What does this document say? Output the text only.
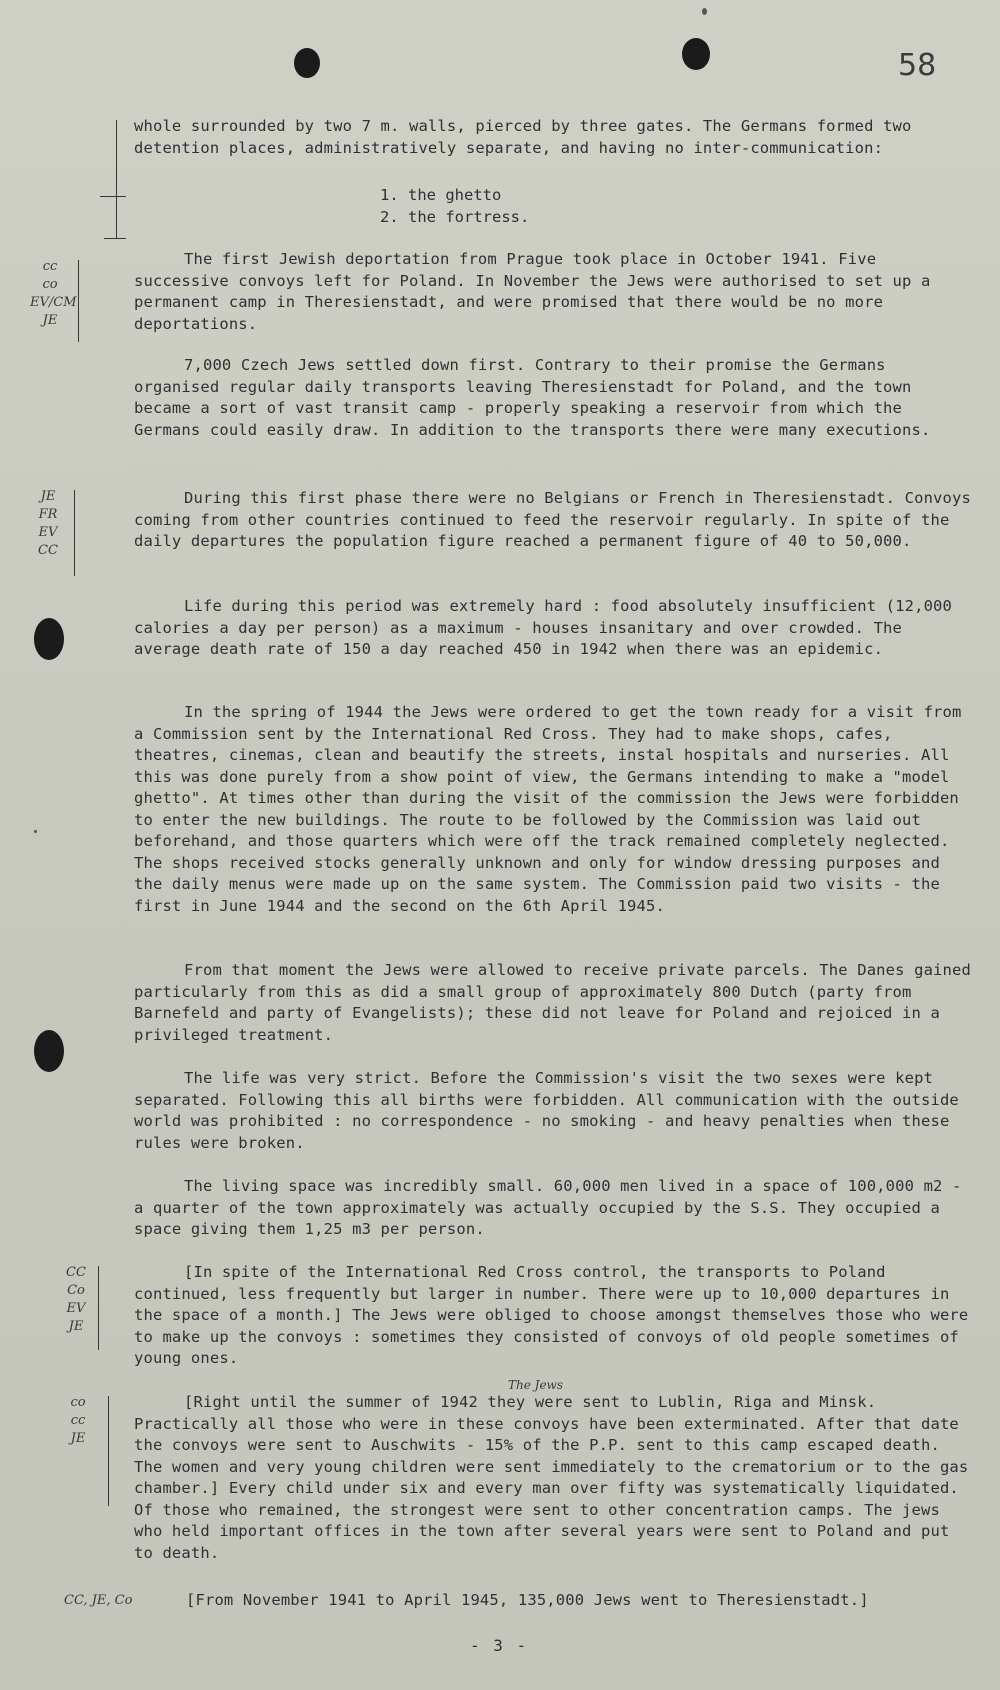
58

whole surrounded by two 7 m. walls, pierced by three gates. The Germans formed two detention places, administratively separate, and having no inter-communication:

1. the ghetto
2. the fortress.
cc
co
EV/CM
JE

The first Jewish deportation from Prague took place in October 1941. Five successive convoys left for Poland. In November the Jews were authorised to set up a permanent camp in Theresienstadt, and were promised that there would be no more deportations.

7,000 Czech Jews settled down first. Contrary to their promise the Germans organised regular daily transports leaving Theresienstadt for Poland, and the town became a sort of vast transit camp - properly speaking a reservoir from which the Germans could easily draw. In addition to the transports there were many executions.

JE
FR
EV
CC

During this first phase there were no Belgians or French in Theresienstadt. Convoys coming from other countries continued to feed the reservoir regularly. In spite of the daily departures the population figure reached a permanent figure of 40 to 50,000.

Life during this period was extremely hard : food absolutely insufficient (12,000 calories a day per person) as a maximum - houses insanitary and over crowded. The average death rate of 150 a day reached 450 in 1942 when there was an epidemic.

In the spring of 1944 the Jews were ordered to get the town ready for a visit from a Commission sent by the International Red Cross. They had to make shops, cafes, theatres, cinemas, clean and beautify the streets, instal hospitals and nurseries. All this was done purely from a show point of view, the Germans intending to make a "model ghetto". At times other than during the visit of the commission the Jews were forbidden to enter the new buildings. The route to be followed by the Commission was laid out beforehand, and those quarters which were off the track remained completely neglected. The shops received stocks generally unknown and only for window dressing purposes and the daily menus were made up on the same system. The Commission paid two visits - the first in June 1944 and the second on the 6th April 1945.

From that moment the Jews were allowed to receive private parcels. The Danes gained particularly from this as did a small group of approximately 800 Dutch (party from Barnefeld and party of Evangelists); these did not leave for Poland and rejoiced in a privileged treatment.

The life was very strict. Before the Commission's visit the two sexes were kept separated. Following this all births were forbidden. All communication with the outside world was prohibited : no correspondence - no smoking - and heavy penalties when these rules were broken.

The living space was incredibly small. 60,000 men lived in a space of 100,000 m2 - a quarter of the town approximately was actually occupied by the S.S. They occupied a space giving them 1,25 m3 per person.

CC
Co
EV
JE

[In spite of the International Red Cross control, the transports to Poland continued, less frequently but larger in number. There were up to 10,000 departures in the space of a month.] The Jews were obliged to choose amongst themselves those who were to make up the convoys : sometimes they consisted of convoys of old people sometimes of young ones.

co
cc
JE
The Jews

[Right until the summer of 1942 they were sent to Lublin, Riga and Minsk. Practically all those who were in these convoys have been exterminated. After that date the convoys were sent to Auschwits - 15% of the P.P. sent to this camp escaped death. The women and very young children were sent immediately to the crematorium or to the gas chamber.] Every child under six and every man over fifty was systematically liquidated. Of those who remained, the strongest were sent to other concentration camps. The jews who held important offices in the town after several years were sent to Poland and put to death.

CC, JE, Co	[From November 1941 to April 1945, 135,000 Jews went to Theresienstadt.]

- 3 -
